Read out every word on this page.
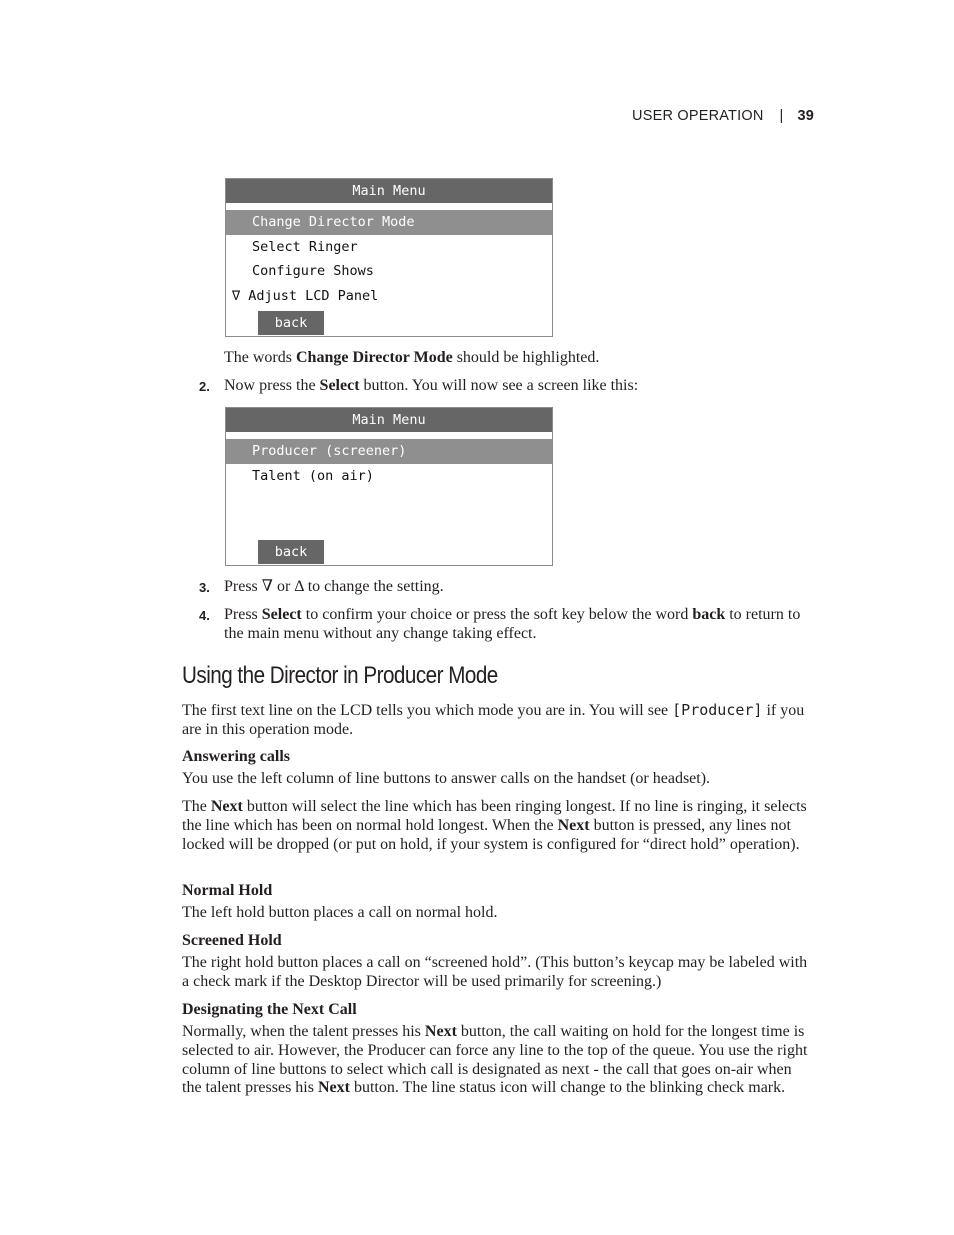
USER OPERATION | 39
Main Menu
Change Director Mode
Select Ringer
Configure Shows
∇ Adjust LCD Panel
back
The words Change Director Mode should be highlighted.
2. Now press the Select button. You will now see a screen like this:
Main Menu
Producer (screener)
Talent (on air)
back
3. Press ∇ or Δ to change the setting.
4. Press Select to confirm your choice or press the soft key below the word back to return to the main menu without any change taking effect.
Using the Director in Producer Mode
The first text line on the LCD tells you which mode you are in. You will see [Producer] if you are in this operation mode.
Answering calls
You use the left column of line buttons to answer calls on the handset (or headset).
The Next button will select the line which has been ringing longest. If no line is ringing, it selects the line which has been on normal hold longest. When the Next button is pressed, any lines not locked will be dropped (or put on hold, if your system is configured for “direct hold” operation).
Normal Hold
The left hold button places a call on normal hold.
Screened Hold
The right hold button places a call on “screened hold”. (This button’s keycap may be labeled with a check mark if the Desktop Director will be used primarily for screening.)
Designating the Next Call
Normally, when the talent presses his Next button, the call waiting on hold for the longest time is selected to air. However, the Producer can force any line to the top of the queue. You use the right column of line buttons to select which call is designated as next - the call that goes on-air when the talent presses his Next button. The line status icon will change to the blinking check mark.
